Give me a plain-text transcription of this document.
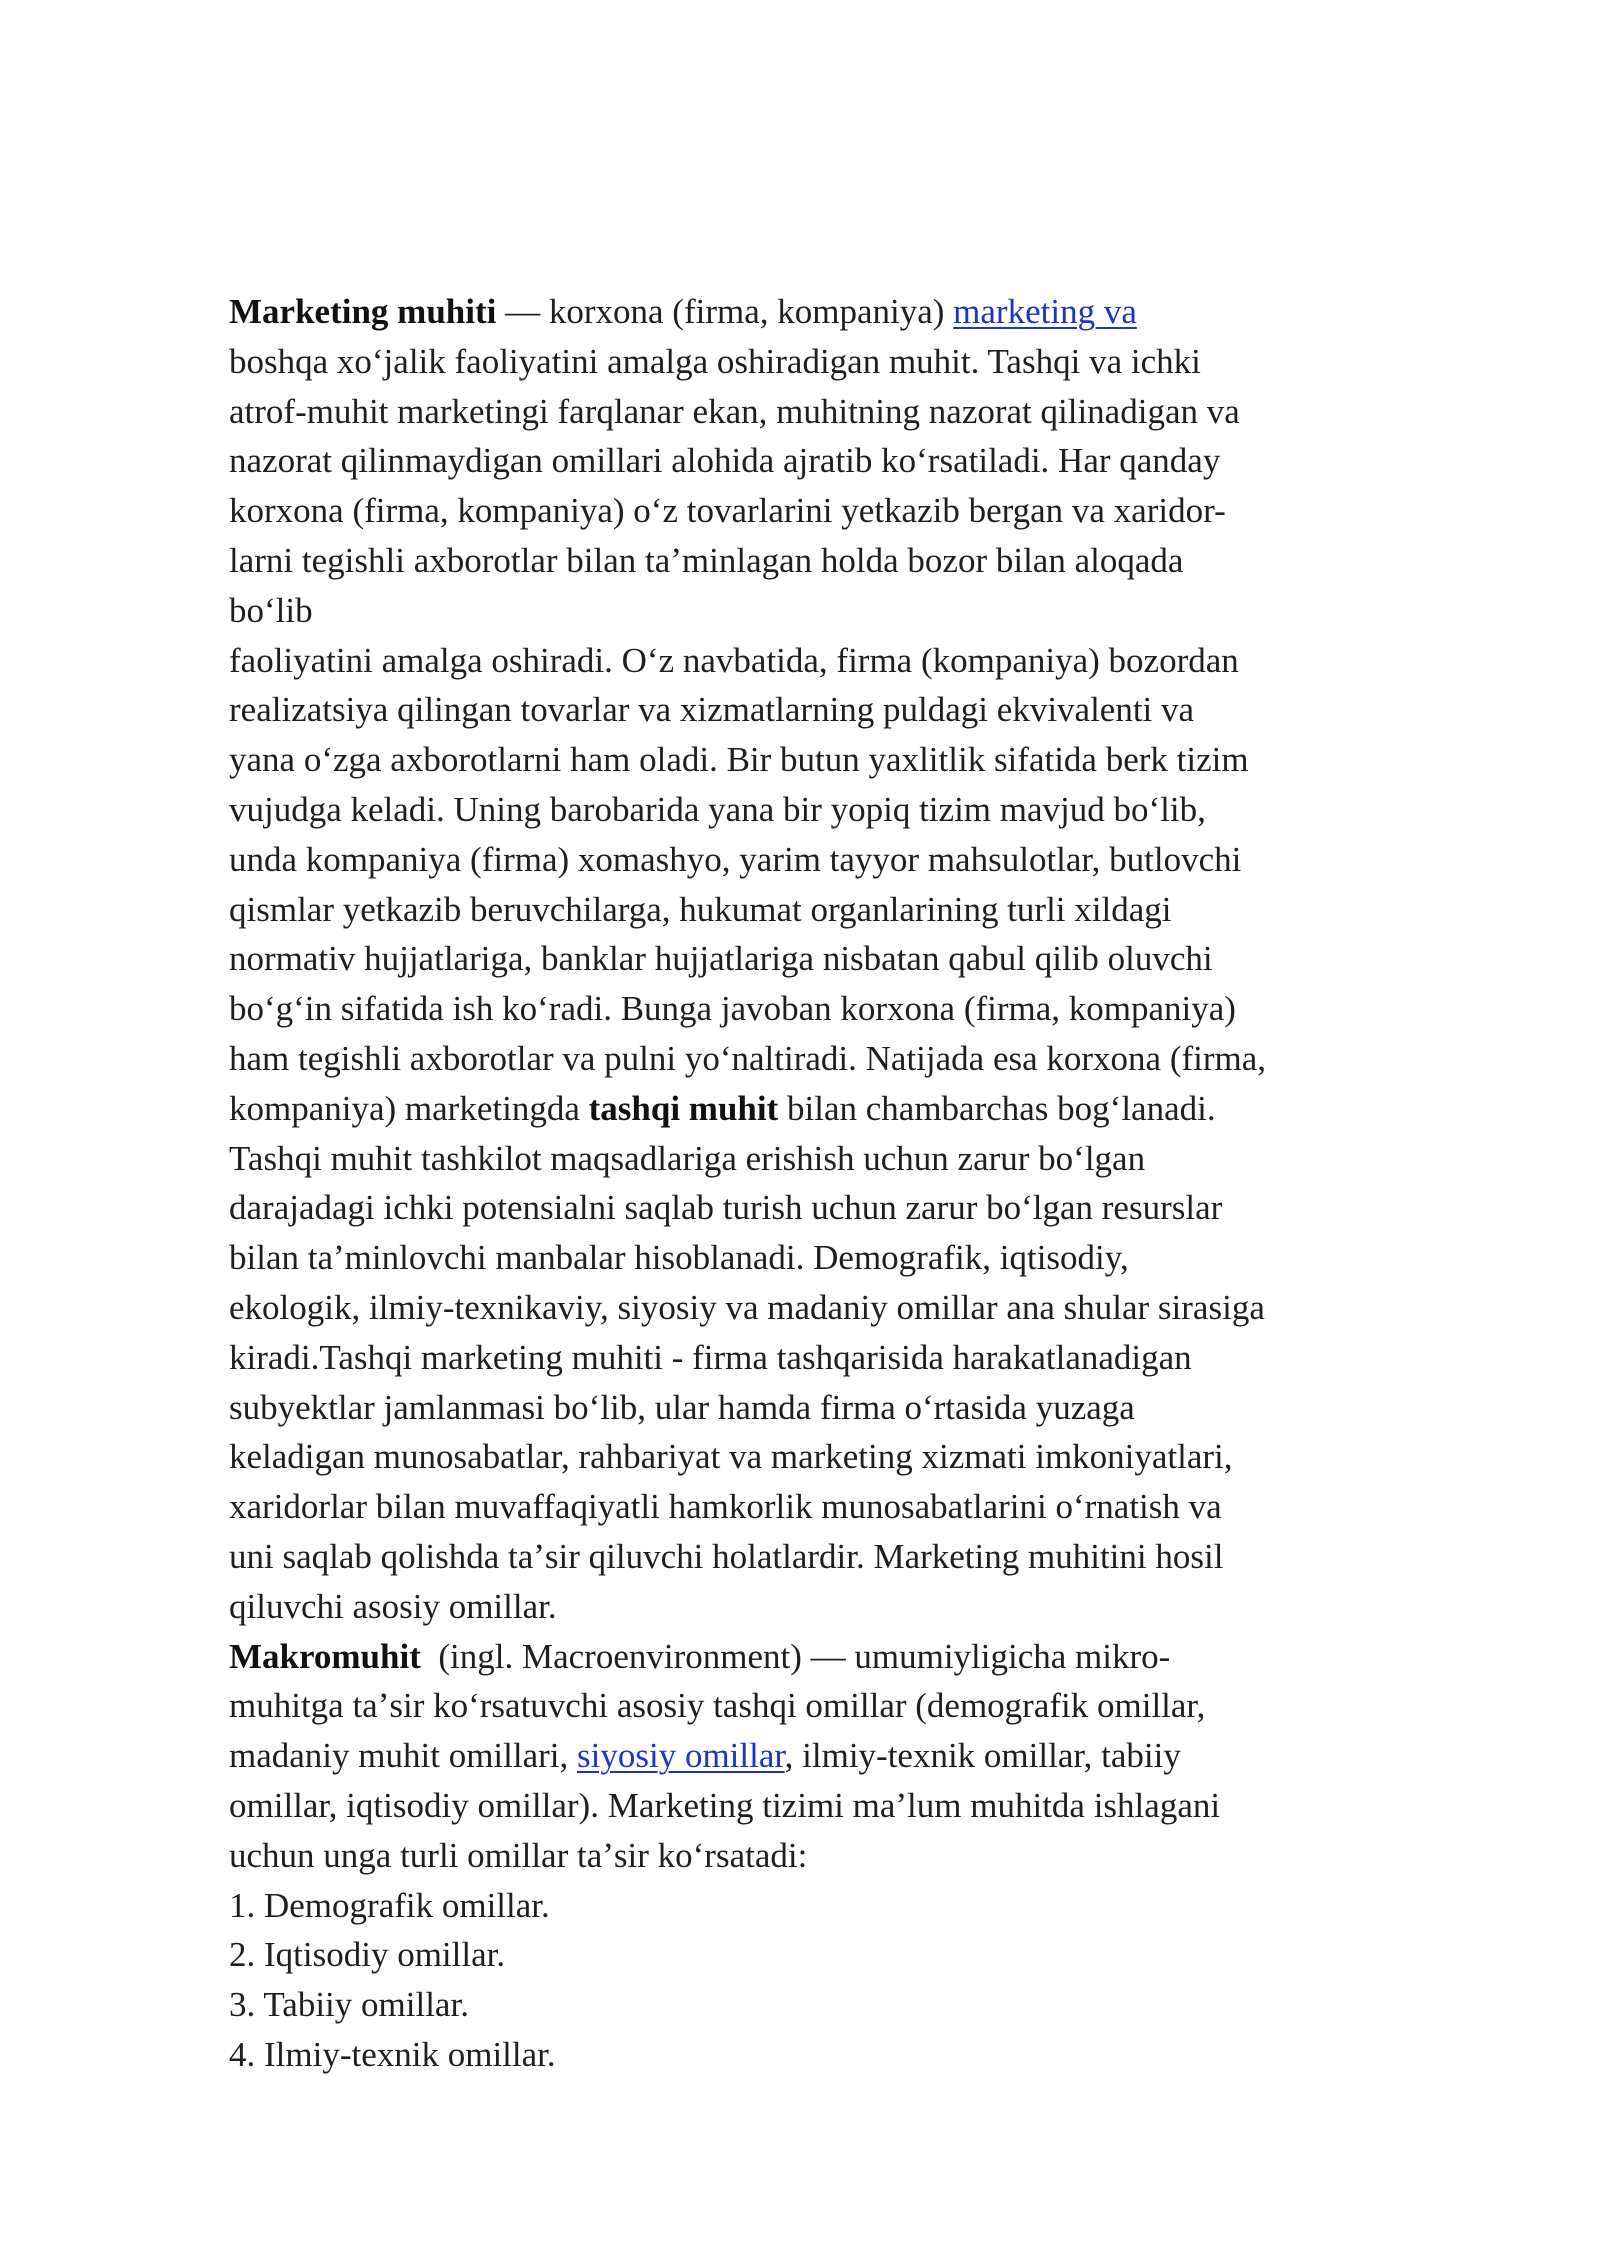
Marketing muhiti — korxona (firma, kompaniya) marketing va
boshqa xoʻjalik faoliyatini amalga oshiradigan muhit. Tashqi va ichki
atrof-muhit marketingi farqlanar ekan, muhitning nazorat qilinadigan va
nazorat qilinmaydigan omillari alohida ajratib koʻrsatiladi. Har qanday
korxona (firma, kompaniya) oʻz tovarlarini yetkazib bergan va xaridor-
larni tegishli axborotlar bilan taʼminlagan holda bozor bilan aloqada
boʻlib
faoliyatini amalga oshiradi. Oʻz navbatida, firma (kompaniya) bozordan
realizatsiya qilingan tovarlar va xizmatlarning puldagi ekvivalenti va
yana oʻzga axborotlarni ham oladi. Bir butun yaxlitlik sifatida berk tizim
vujudga keladi. Uning barobarida yana bir yopiq tizim mavjud boʻlib,
unda kompaniya (firma) xomashyo, yarim tayyor mahsulotlar, butlovchi
qismlar yetkazib beruvchilarga, hukumat organlarining turli xildagi
normativ hujjatlariga, banklar hujjatlariga nisbatan qabul qilib oluvchi
boʻgʻin sifatida ish koʻradi. Bunga javoban korxona (firma, kompaniya)
ham tegishli axborotlar va pulni yoʻnaltiradi. Natijada esa korxona (firma,
kompaniya) marketingda tashqi muhit bilan chambarchas bogʻlanadi.
Tashqi muhit tashkilot maqsadlariga erishish uchun zarur boʻlgan
darajadagi ichki potensialni saqlab turish uchun zarur boʻlgan resurslar
bilan taʼminlovchi manbalar hisoblanadi. Demografik, iqtisodiy,
ekologik, ilmiy-texnikaviy, siyosiy va madaniy omillar ana shular sirasiga
kiradi.Tashqi marketing muhiti - firma tashqarisida harakatlanadigan
subyektlar jamlanmasi boʻlib, ular hamda firma oʻrtasida yuzaga
keladigan munosabatlar, rahbariyat va marketing xizmati imkoniyatlari,
xaridorlar bilan muvaffaqiyatli hamkorlik munosabatlarini oʻrnatish va
uni saqlab qolishda taʼsir qiluvchi holatlardir. Marketing muhitini hosil
qiluvchi asosiy omillar.
Makromuhit  (ingl. Macroenvironment) — umumiyligicha mikro-
muhitga taʼsir koʻrsatuvchi asosiy tashqi omillar (demografik omillar,
madaniy muhit omillari, siyosiy omillar, ilmiy-texnik omillar, tabiiy
omillar, iqtisodiy omillar). Marketing tizimi maʼlum muhitda ishlagani
uchun unga turli omillar taʼsir koʻrsatadi:
1. Demografik omillar.
2. Iqtisodiy omillar.
3. Tabiiy omillar.
4. Ilmiy-texnik omillar.
